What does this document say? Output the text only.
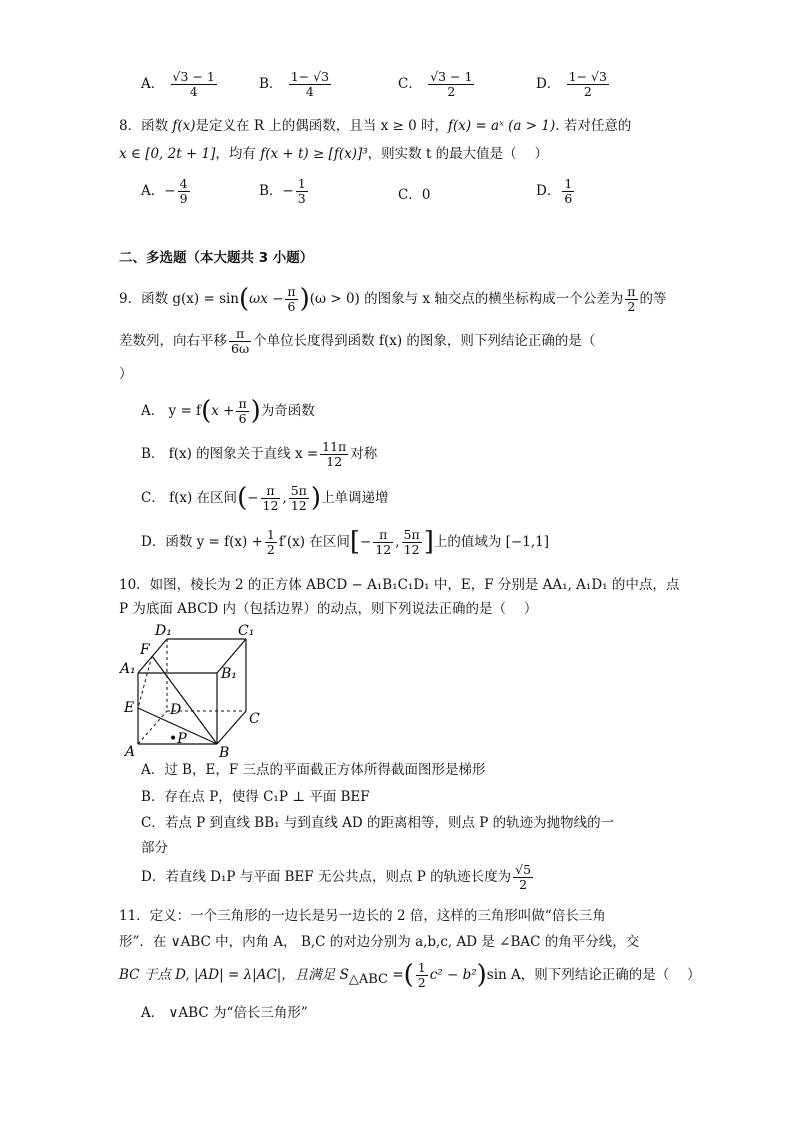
A． $\frac{√3 - 1}{4}$	B． $\frac{1- √3}{4}$	C． $\frac{√3 - 1}{2}$	D． $\frac{1- √3}{2}$
8．函数 f(x)是定义在 R 上的偶函数，且当 x ≥ 0 时，f(x) = aˣ (a > 1). 若对任意的
x ∈ [0, 2t + 1]，均有 f(x + t) ≥ [f(x)]³，则实数 t 的最大值是（　 ）
A．− $\frac{4}{9}$	B．− $\frac{1}{3}$	C．0	D． $\frac{1}{6}$
二、多选题（本大题共 3 小题）
9．函数 $g(x) = \sin(\omega x - \frac{\pi}{6} )(\omega > 0)$ 的图象与 x 轴交点的横坐标构成一个公差为 $\frac{\pi}{2}$ 的等
差数列，向右平移 $\frac{\pi}{6\omega}$ 个单位长度得到函数 f(x) 的图象，则下列结论正确的是（
）
A． $y = f(x + \frac{\pi}{6}$ )为奇函数
B． f(x) 的图象关于直线 $x = \frac{11\pi}{12}$ 对称
C． f(x) 在区间(− $\frac{\pi}{12}$ , $\frac{5\pi}{12}$ )上单调递增
D．函数 $y = f(x) + \frac{1}{2} f'(x)$ 在区间[− $\frac{\pi}{12}$ , $\frac{5\pi}{12}$ ]上的值域为 [−1,1]
10．如图，棱长为 2 的正方体 ABCD − A₁B₁C₁D₁ 中，E，F 分别是 AA₁, A₁D₁ 的中点，点
P 为底面 ABCD 内（包括边界）的动点，则下列说法正确的是（　 ）
D₁	C₁
F
A₁	B₁
E	D
C
•P
A	B
A．过 B，E，F 三点的平面截正方体所得截面图形是梯形
B．存在点 P，使得 C₁P ⊥ 平面 BEF
C．若点 P 到直线 BB₁ 与到直线 AD 的距离相等，则点 P 的轨迹为抛物线的一
部分
D．若直线 D₁P 与平面 BEF 无公共点，则点 P 的轨迹长度为 $\frac{√5}{2}$
11．定义：一个三角形的一边长是另一边长的 2 倍，这样的三角形叫做“倍长三角
形”．在 ∨ABC 中，内角 A， B,C 的对边分别为 a,b,c, AD 是 ∠BAC 的角平分线，交
BC 于点 D, |AD| = λ|AC|，且满足 $S_{\triangle ABC}$ =( $\frac{1}{2} c^2 - b^2)\sin$ A，则下列结论正确的是（　 ）
A． ∨ABC 为“倍长三角形”
